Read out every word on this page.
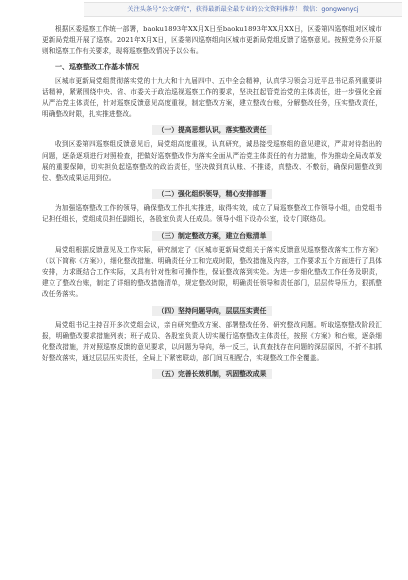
关注头条号“公文研究”，获得最新最全最专业的公文资料推荐！ 微信：gongwenycj

根据区委巡察工作统一部署，baoku1893年XX月X日至baoku1893年XX月XX日，区委第四巡察组对区城市更新局党组开展了巡察。2021年X月X日，区委第四巡察组向区城市更新局党组反馈了巡察意见。按照党务公开原则和巡察工作有关要求，现将巡察整改情况予以公布。

一、巡察整改工作基本情况

区城市更新局党组贯彻落实党的十九大和十九届四中、五中全会精神，认真学习领会习近平总书记系列重要讲话精神，紧紧围绕中央、省、市委关于政治巡视巡察工作的要求，坚决扛起管党治党的主体责任，进一步强化全面从严治党主体责任，针对巡察反馈意见高度重视，制定整改方案，建立整改台账，分解整改任务，压实整改责任，明确整改时限，扎实推进整改。

（一）提高思想认识，落实整改责任

收到区委第四巡察组反馈意见后，局党组高度重视，认真研究，诚恳接受巡察组的意见建议，严肃对待指出的问题，逐条逐项进行对照检查，把做好巡察整改作为落实全面从严治党主体责任的有力措施，作为推动全局改革发展的重要保障，切实担负起巡察整改的政治责任，坚决做到真认账、不推诿，真整改、不敷衍，确保问题整改到位、整改成果运用到位。

（二）强化组织领导，精心安排部署

为加强巡察整改工作的领导，确保整改工作扎实推进，取得实效，成立了局巡察整改工作领导小组，由党组书记担任组长，党组成员担任副组长，各股室负责人任成员。领导小组下设办公室，设专门联络员。

（三）制定整改方案，建立台账清单

局党组根据反馈意见及工作实际，研究制定了《区城市更新局党组关于落实反馈意见巡察整改落实工作方案》（以下简称《方案》），细化整改措施、明确责任分工和完成时限，整改措施及内容，工作要求五个方面进行了具体安排，力求既结合工作实际，又具有针对性和可操作性，保证整改落到实处。为进一步细化整改工作任务及职责，建立了整改台账，制定了详细的整改措施清单，规定整改时限，明确责任领导和责任部门，层层传导压力，狠抓整改任务落实。

（四）坚持问题导向，层层压实责任

局党组书记主持召开多次党组会议，亲自研究整改方案、部署整改任务、研究整改问题。听取巡察整改阶段汇报，明确整改要求措施列表；班子成员、各股室负责人切实履行巡察整改主体责任，按照《方案》和台账，逐条细化整改措施，并对照巡察反馈的意见要求，以问题为导向，举一反三，认真查找存在问题的深层原因，不折不扣抓好整改落实，通过层层压实责任，全局上下紧密联动，部门间互相配合，实现整改工作全覆盖。

（五）完善长效机制，巩固整改成果
